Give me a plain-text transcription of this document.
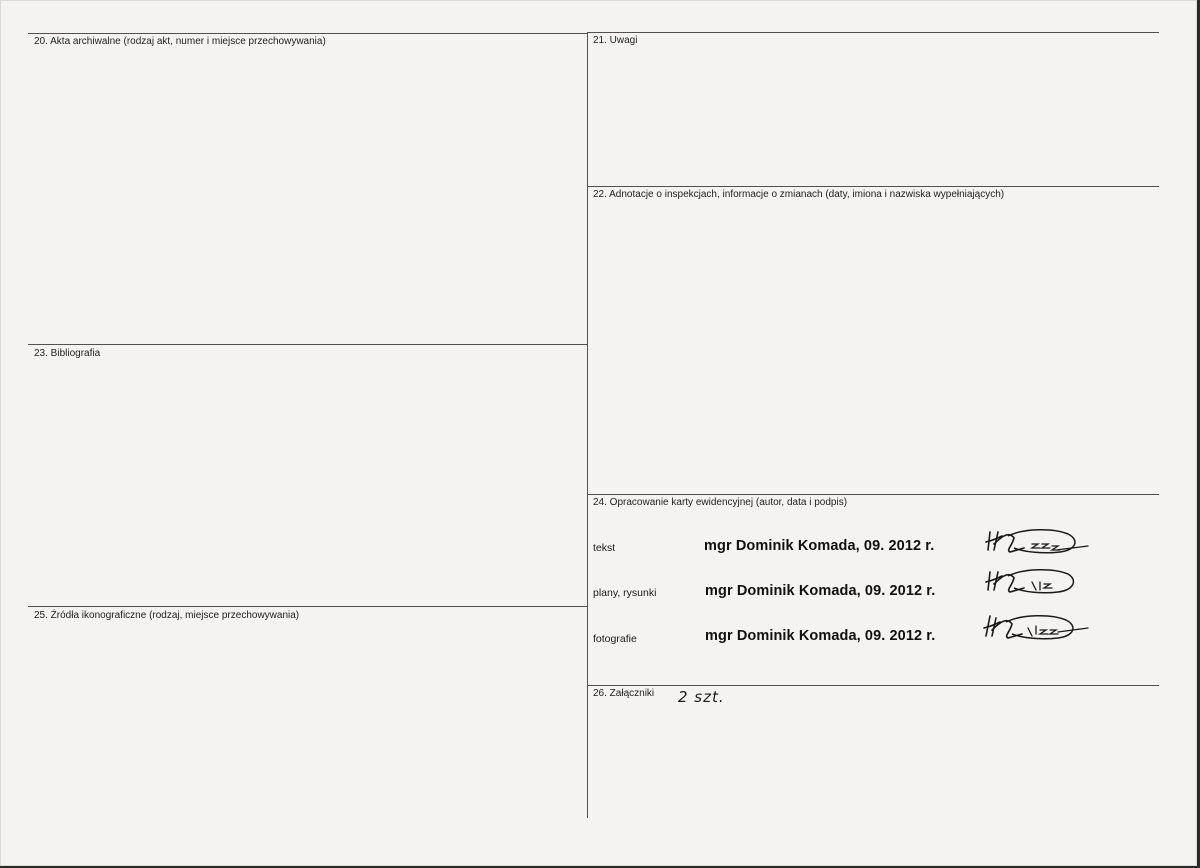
20. Akta archiwalne (rodzaj akt, numer i miejsce przechowywania)	21. Uwagi
22. Adnotacje o inspekcjach, informacje o zmianach (daty, imiona i nazwiska wypełniających)
23. Bibliografia
24. Opracowanie karty ewidencyjnej (autor, data i podpis)
25. Źródła ikonograficzne (rodzaj, miejsce przechowywania)
26. Załączniki
tekst	mgr Dominik Komada, 09. 2012 r.
plany, rysunki	mgr Dominik Komada, 09. 2012 r.
fotografie	mgr Dominik Komada, 09. 2012 r.
2 szt.
